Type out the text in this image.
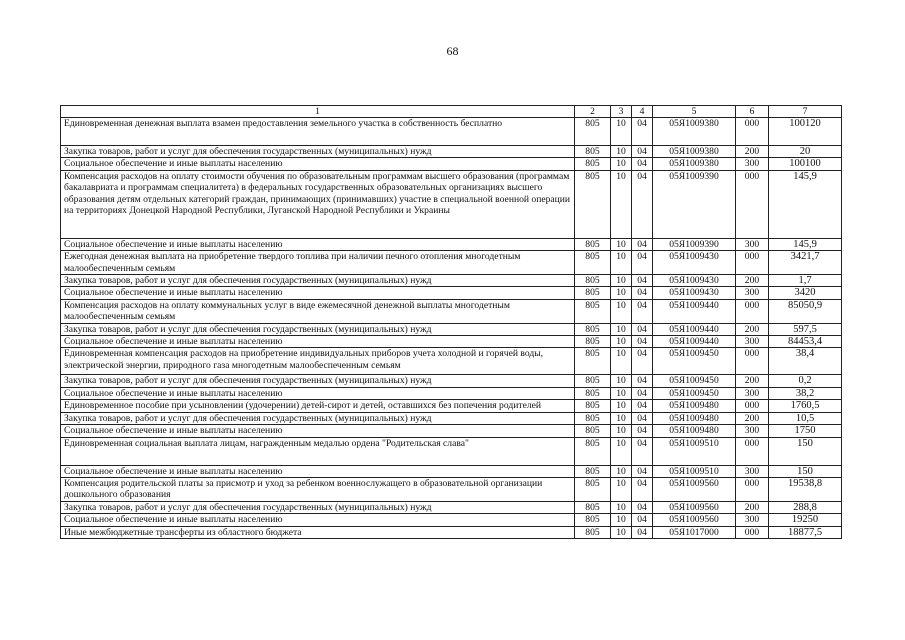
68
1	2	3	4	5	6	7
Единовременная денежная выплата взамен предоставления земельного участка в собственность бесплатно	805	10	04	05Я1009380	000	100120
Закупка товаров, работ и услуг для обеспечения государственных (муниципальных) нужд	805	10	04	05Я1009380	200	20
Социальное обеспечение и иные выплаты населению	805	10	04	05Я1009380	300	100100
Компенсация расходов на оплату стоимости обучения по образовательным программам высшего образования (программам бакалавриата и программам специалитета) в федеральных государственных образовательных организациях высшего образования детям отдельных категорий граждан, принимающих (принимавших) участие в специальной военной операции на территориях Донецкой Народной Республики, Луганской Народной Республики и Украины	805	10	04	05Я1009390	000	145,9
Социальное обеспечение и иные выплаты населению	805	10	04	05Я1009390	300	145,9
Ежегодная денежная выплата на приобретение твердого топлива при наличии печного отопления многодетным малообеспеченным семьям	805	10	04	05Я1009430	000	3421,7
Закупка товаров, работ и услуг для обеспечения государственных (муниципальных) нужд	805	10	04	05Я1009430	200	1,7
Социальное обеспечение и иные выплаты населению	805	10	04	05Я1009430	300	3420
Компенсация расходов на оплату коммунальных услуг в виде ежемесячной денежной выплаты многодетным малообеспеченным семьям	805	10	04	05Я1009440	000	85050,9
Закупка товаров, работ и услуг для обеспечения государственных (муниципальных) нужд	805	10	04	05Я1009440	200	597,5
Социальное обеспечение и иные выплаты населению	805	10	04	05Я1009440	300	84453,4
Единовременная компенсация расходов на приобретение индивидуальных приборов учета холодной и горячей воды, электрической энергии, природного газа многодетным малообеспеченным семьям	805	10	04	05Я1009450	000	38,4
Закупка товаров, работ и услуг для обеспечения государственных (муниципальных) нужд	805	10	04	05Я1009450	200	0,2
Социальное обеспечение и иные выплаты населению	805	10	04	05Я1009450	300	38,2
Единовременное пособие при усыновлении (удочерении) детей-сирот и детей, оставшихся без попечения родителей	805	10	04	05Я1009480	000	1760,5
Закупка товаров, работ и услуг для обеспечения государственных (муниципальных) нужд	805	10	04	05Я1009480	200	10,5
Социальное обеспечение и иные выплаты населению	805	10	04	05Я1009480	300	1750
Единовременная социальная выплата лицам, награжденным медалью ордена "Родительская слава"	805	10	04	05Я1009510	000	150
Социальное обеспечение и иные выплаты населению	805	10	04	05Я1009510	300	150
Компенсация родительской платы за присмотр и уход за ребенком военнослужащего в образовательной организации дошкольного образования	805	10	04	05Я1009560	000	19538,8
Закупка товаров, работ и услуг для обеспечения государственных (муниципальных) нужд	805	10	04	05Я1009560	200	288,8
Социальное обеспечение и иные выплаты населению	805	10	04	05Я1009560	300	19250
Иные межбюджетные трансферты из областного бюджета	805	10	04	05Я1017000	000	18877,5
